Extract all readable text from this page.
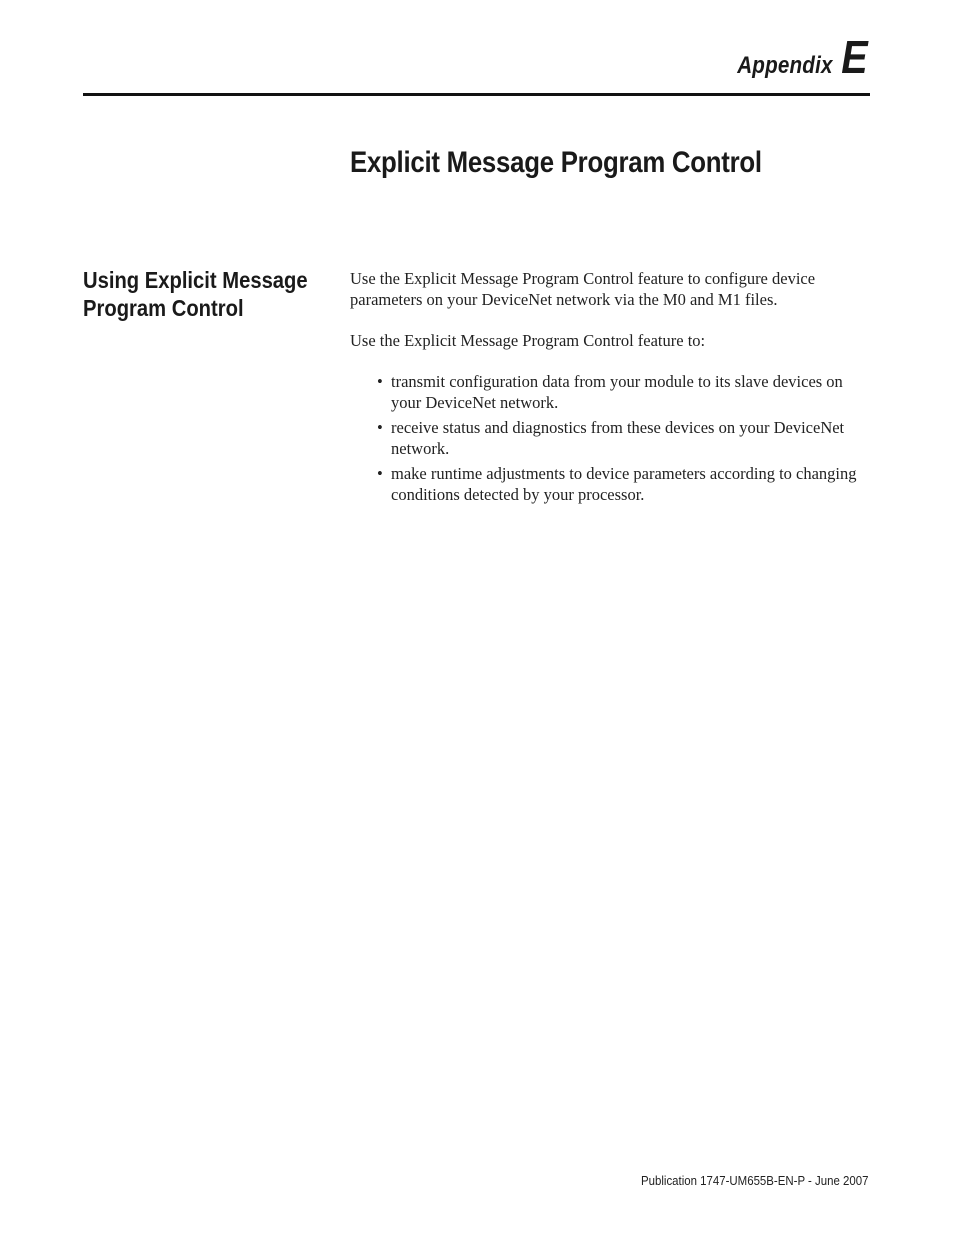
Appendix E
Explicit Message Program Control
Using Explicit Message
Program Control

Use the Explicit Message Program Control feature to configure device parameters on your DeviceNet network via the M0 and M1 files.

Use the Explicit Message Program Control feature to:

• transmit configuration data from your module to its slave devices on your DeviceNet network.
• receive status and diagnostics from these devices on your DeviceNet network.
• make runtime adjustments to device parameters according to changing conditions detected by your processor.
Publication 1747-UM655B-EN-P - June 2007
